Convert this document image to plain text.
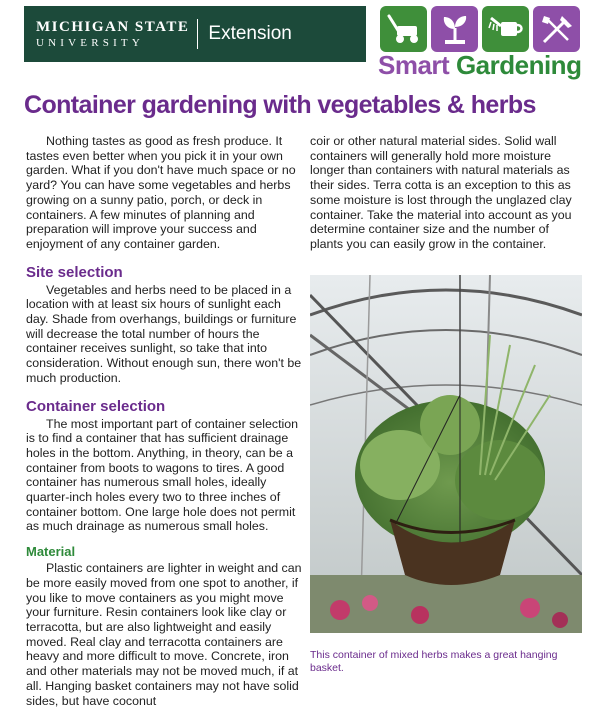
MICHIGAN STATE
UNIVERSITY	Extension
Smart Gardening
Container gardening with vegetables & herbs

Nothing tastes as good as fresh produce. It tastes even better when you pick it in your own garden. What if you don't have much space or no yard? You can have some vegetables and herbs growing on a sunny patio, porch, or deck in containers. A few minutes of planning and preparation will improve your success and enjoyment of any container garden.

Site selection

Vegetables and herbs need to be placed in a location with at least six hours of sunlight each day. Shade from overhangs, buildings or furniture will decrease the total number of hours the container receives sunlight, so take that into consideration. Without enough sun, there won't be much production.

Container selection

The most important part of container selection is to find a container that has sufficient drainage holes in the bottom. Anything, in theory, can be a container from boots to wagons to tires. A good container has numerous small holes, ideally quarter-inch holes every two to three inches of container bottom. One large hole does not permit as much drainage as numerous small holes.

Material

Plastic containers are lighter in weight and can be more easily moved from one spot to another, if you like to move containers as you might move your furniture. Resin containers look like clay or terracotta, but are also lightweight and easily moved. Real clay and terracotta containers are heavy and more difficult to move. Concrete, iron and other materials may not be moved much, if at all. Hanging basket containers may not have solid sides, but have coconut

coir or other natural material sides. Solid wall containers will generally hold more moisture longer than containers with natural materials as their sides. Terra cotta is an exception to this as some moisture is lost through the unglazed clay container. Take the material into account as you determine container size and the number of plants you can easily grow in the container.

This container of mixed herbs makes a great hanging basket.
